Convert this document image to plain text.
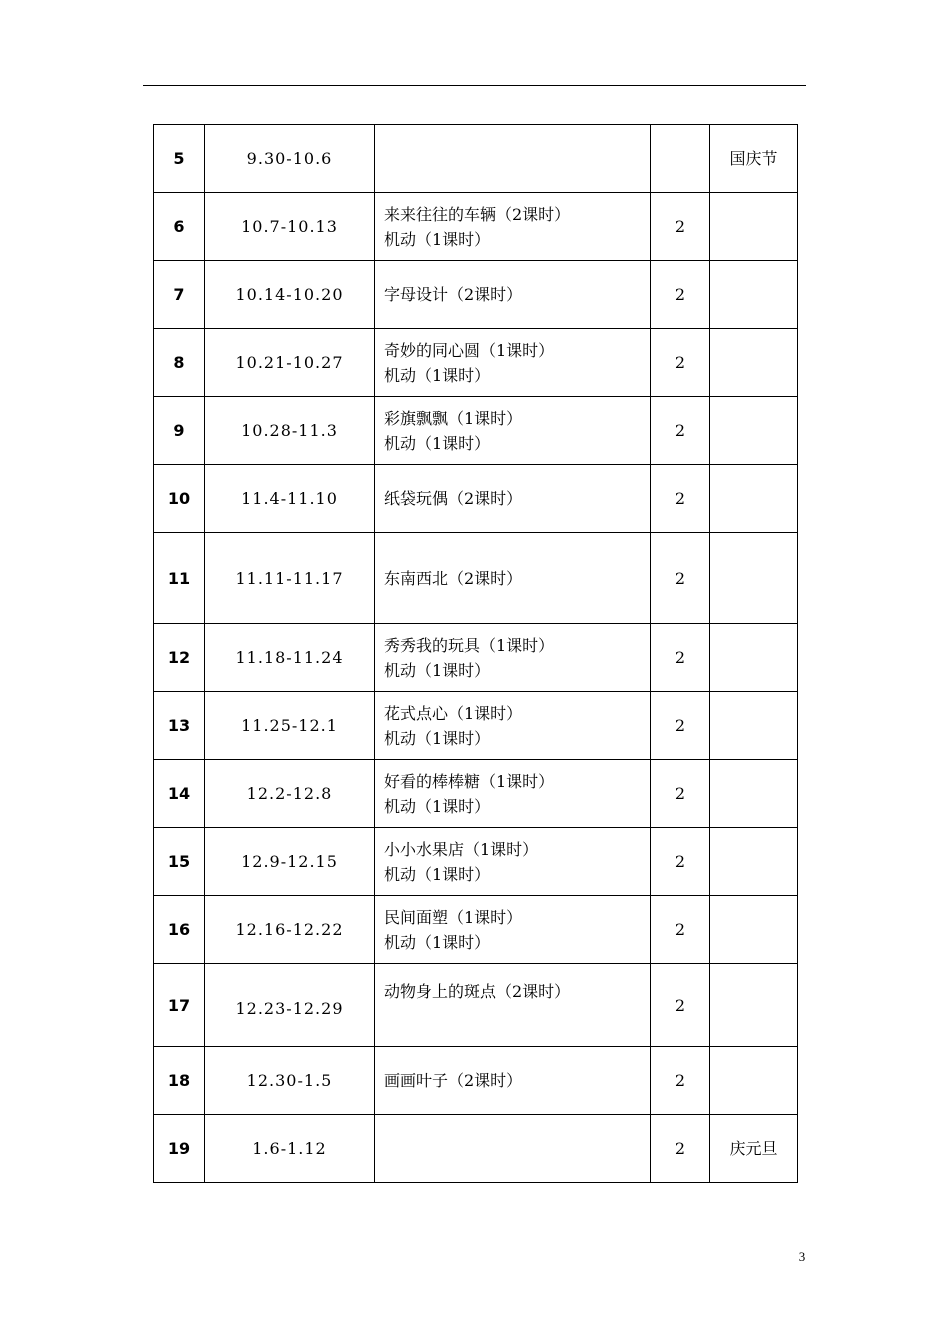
5	9.30-10.6			国庆节
6	10.7-10.13	来来往往的车辆（2课时）
机动（1课时）	2	
7	10.14-10.20	字母设计（2课时）	2	
8	10.21-10.27	奇妙的同心圆（1课时）
机动（1课时）	2	
9	10.28-11.3	彩旗飘飘（1课时）
机动（1课时）	2	
10	11.4-11.10	纸袋玩偶（2课时）	2	
11	11.11-11.17	东南西北（2课时）	2	
12	11.18-11.24	秀秀我的玩具（1课时）
机动（1课时）	2	
13	11.25-12.1	花式点心（1课时）
机动（1课时）	2	
14	12.2-12.8	好看的棒棒糖（1课时）
机动（1课时）	2	
15	12.9-12.15	小小水果店（1课时）
机动（1课时）	2	
16	12.16-12.22	民间面塑（1课时）
机动（1课时）	2	
17	12.23-12.29	动物身上的斑点（2课时）	2	
18	12.30-1.5	画画叶子（2课时）	2	
19	1.6-1.12		2	庆元旦
3
